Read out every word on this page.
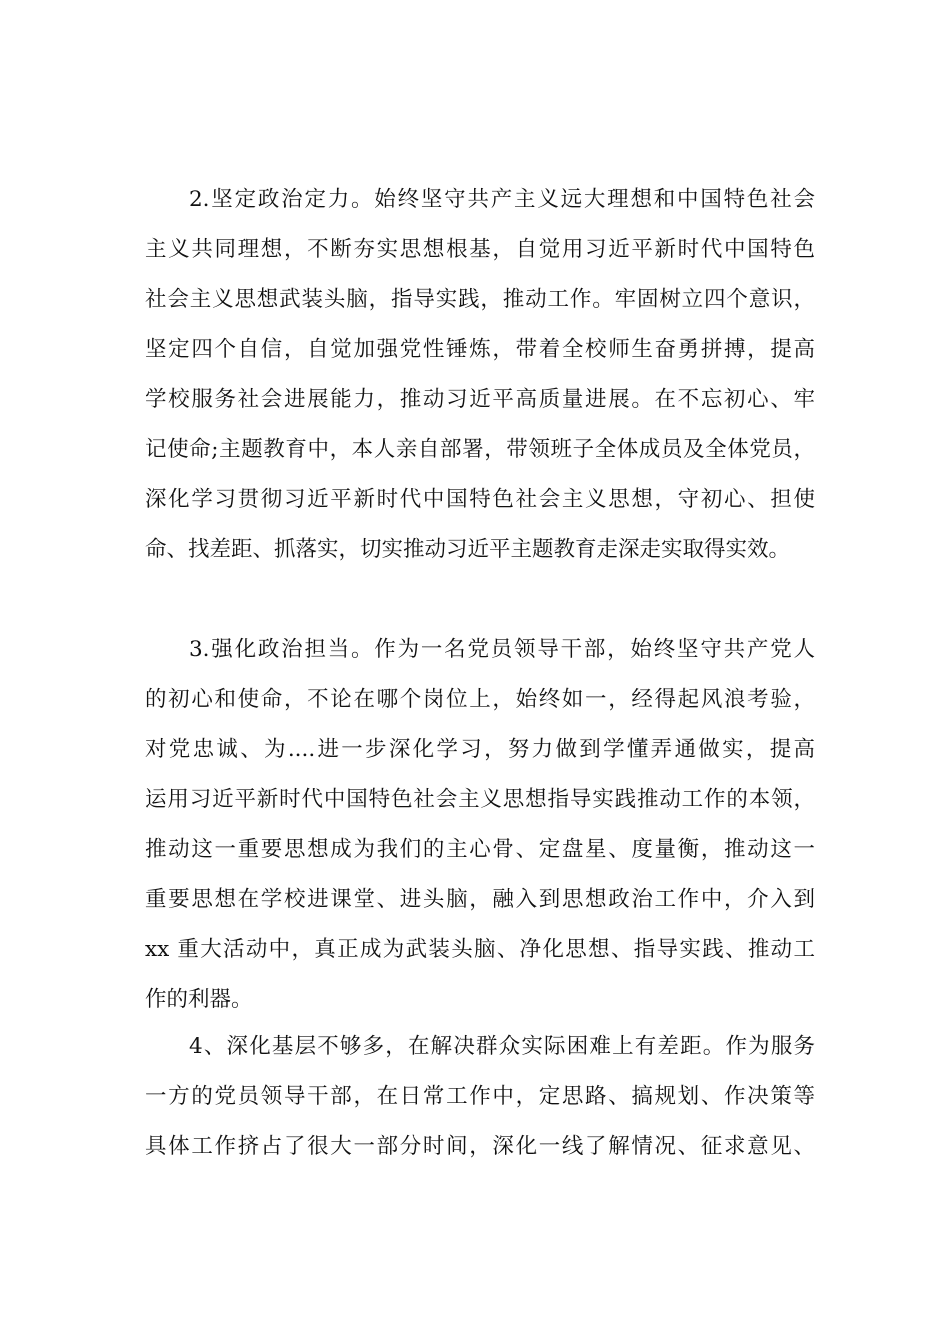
2.坚定政治定力。始终坚守共产主义远大理想和中国特色社会
主义共同理想，不断夯实思想根基，自觉用习近平新时代中国特色
社会主义思想武装头脑，指导实践，推动工作。牢固树立四个意识，
坚定四个自信，自觉加强党性锤炼，带着全校师生奋勇拼搏，提高
学校服务社会进展能力，推动习近平高质量进展。在不忘初心、牢
记使命;主题教育中，本人亲自部署，带领班子全体成员及全体党员，
深化学习贯彻习近平新时代中国特色社会主义思想，守初心、担使
命、找差距、抓落实，切实推动习近平主题教育走深走实取得实效。
3.强化政治担当。作为一名党员领导干部，始终坚守共产党人
的初心和使命，不论在哪个岗位上，始终如一，经得起风浪考验，
对党忠诚、为....进一步深化学习，努力做到学懂弄通做实，提高
运用习近平新时代中国特色社会主义思想指导实践推动工作的本领，
推动这一重要思想成为我们的主心骨、定盘星、度量衡，推动这一
重要思想在学校进课堂、进头脑，融入到思想政治工作中，介入到
xx 重大活动中，真正成为武装头脑、净化思想、指导实践、推动工
作的利器。
4、深化基层不够多，在解决群众实际困难上有差距。作为服务
一方的党员领导干部，在日常工作中，定思路、搞规划、作决策等
具体工作挤占了很大一部分时间，深化一线了解情况、征求意见、
